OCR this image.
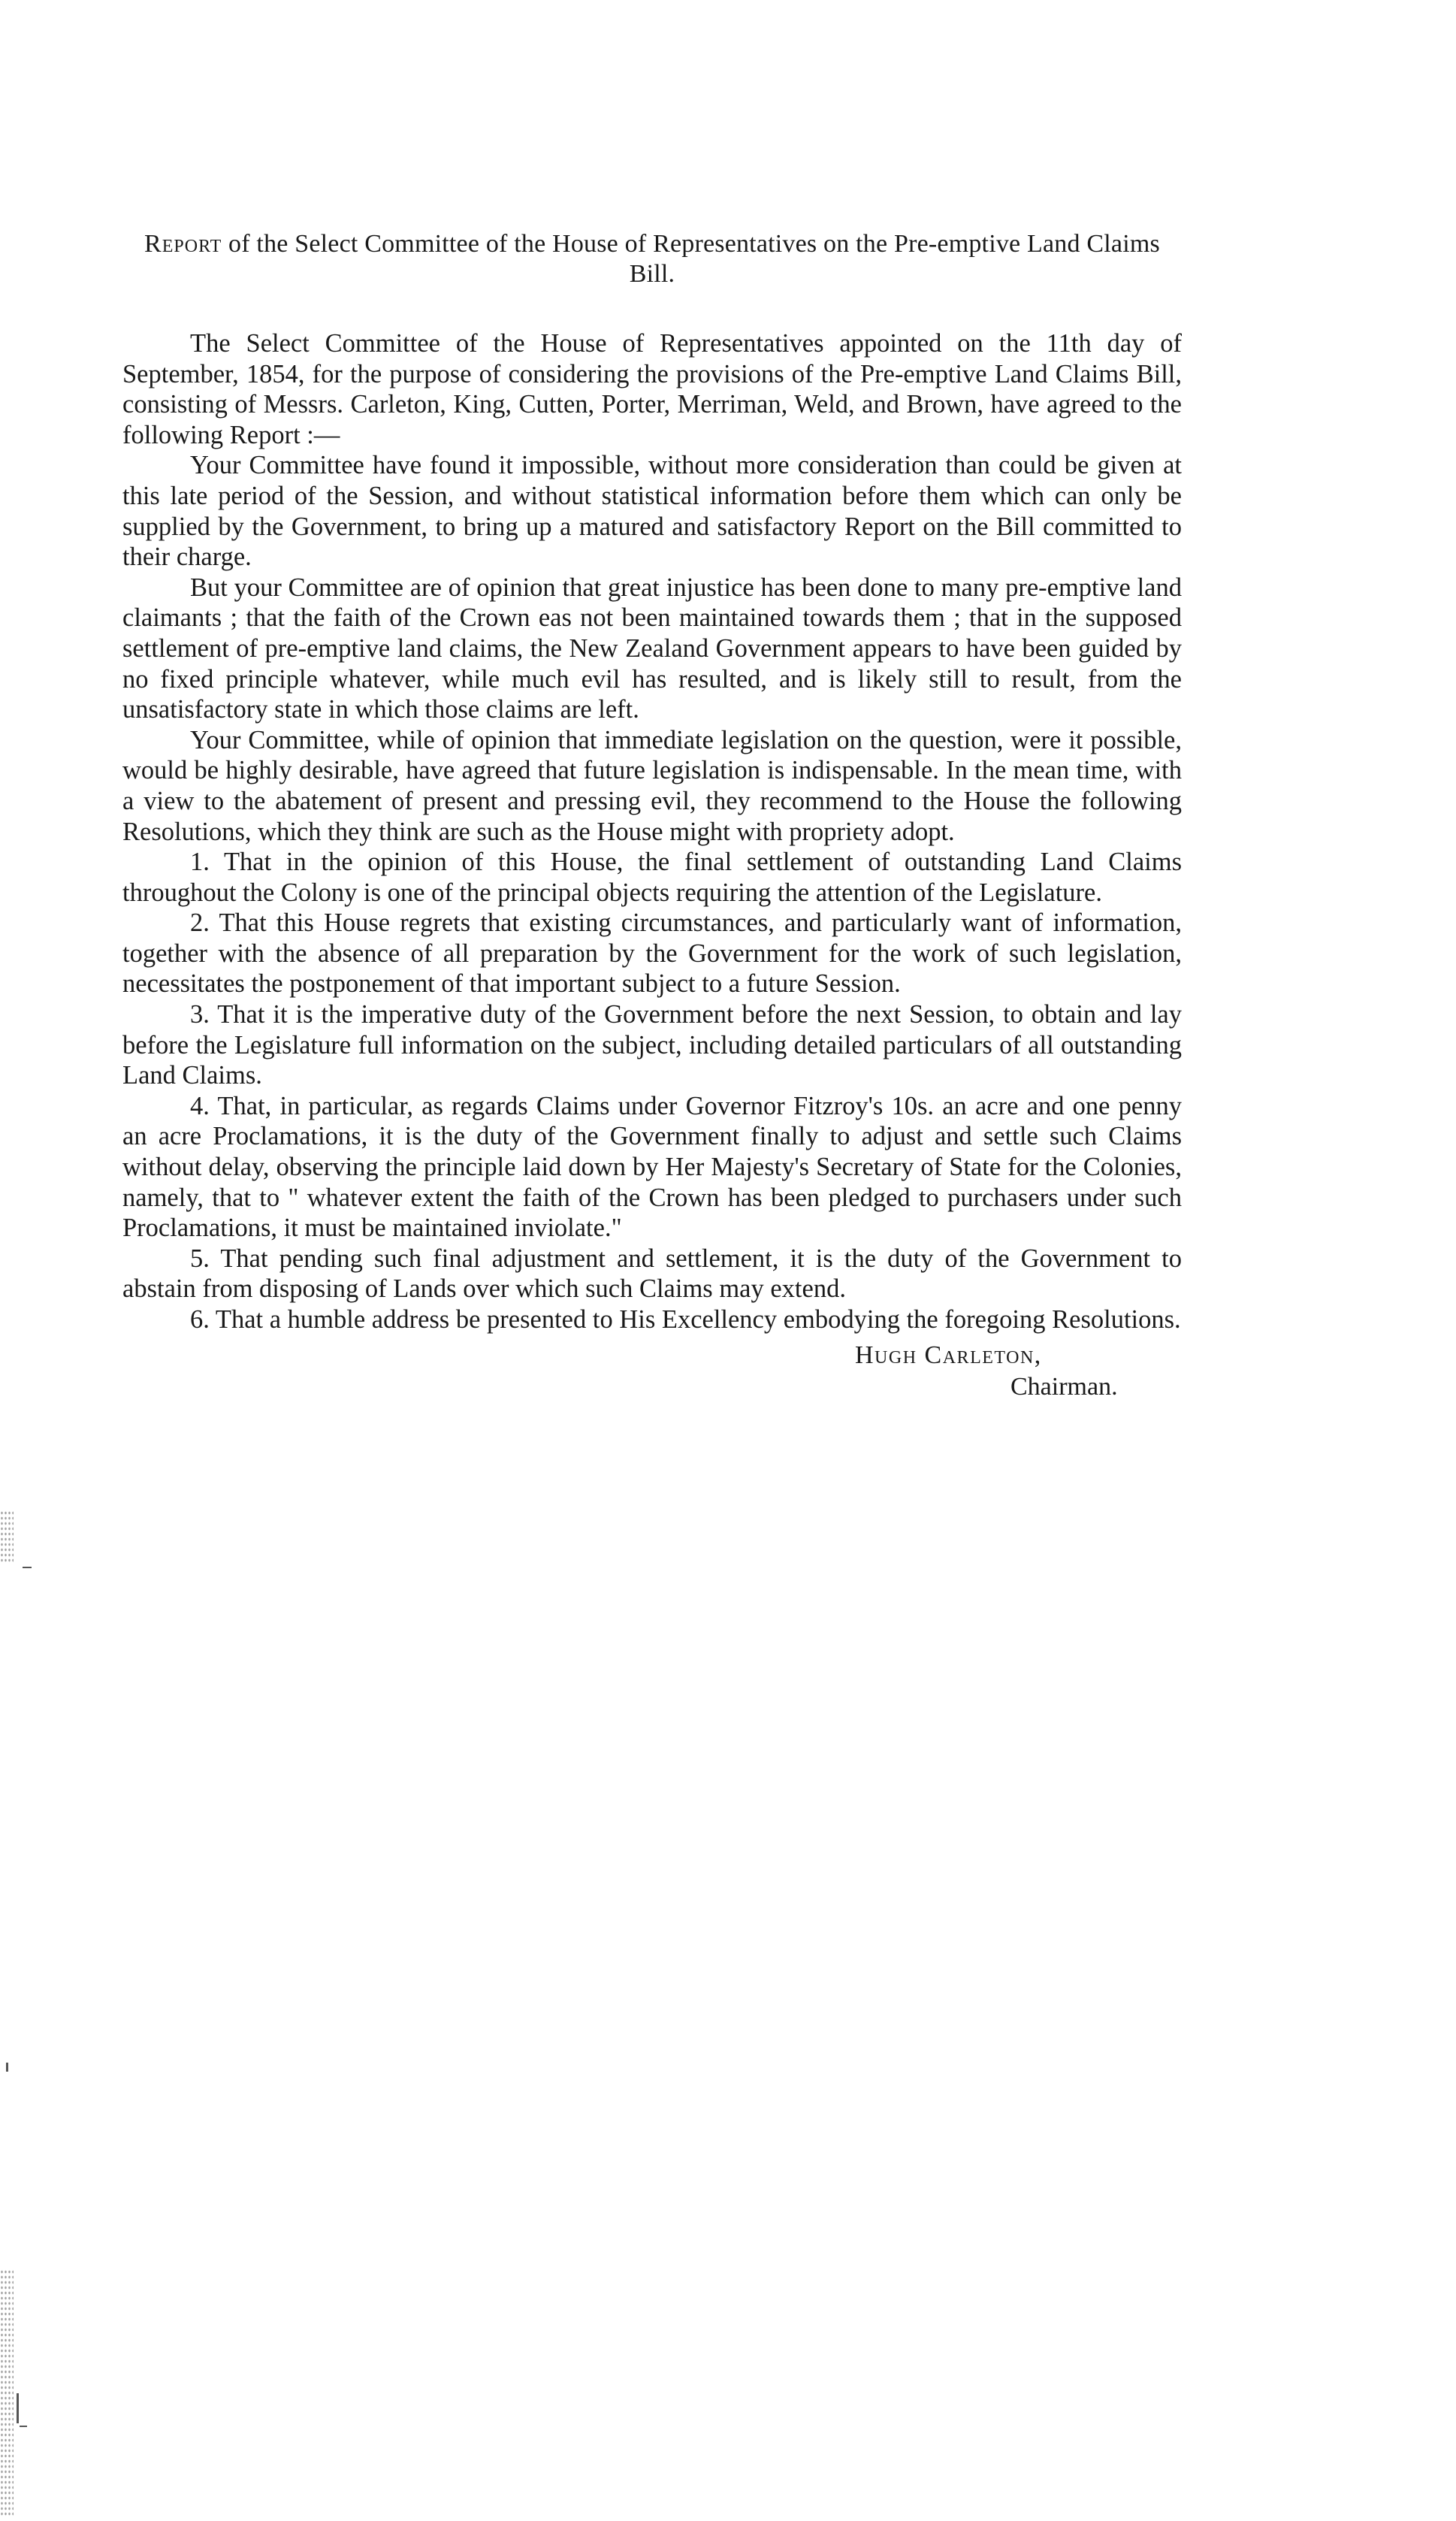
Report of the Select Committee of the House of Representatives on the Pre-emptive Land Claims Bill.

The Select Committee of the House of Representatives appointed on the 11th day of September, 1854, for the purpose of considering the provisions of the Pre-emptive Land Claims Bill, consisting of Messrs. Carleton, King, Cutten, Porter, Merriman, Weld, and Brown, have agreed to the following Report :—

Your Committee have found it impossible, without more consideration than could be given at this late period of the Session, and without statistical information before them which can only be supplied by the Government, to bring up a matured and satisfactory Report on the Bill committed to their charge.

But your Committee are of opinion that great injustice has been done to many pre-emptive land claimants ; that the faith of the Crown eas not been maintained towards them ; that in the supposed settlement of pre-emptive land claims, the New Zealand Government appears to have been guided by no fixed principle whatever, while much evil has resulted, and is likely still to result, from the unsatisfactory state in which those claims are left.

Your Committee, while of opinion that immediate legislation on the question, were it possible, would be highly desirable, have agreed that future legislation is indispensable. In the mean time, with a view to the abatement of present and pressing evil, they recommend to the House the following Resolutions, which they think are such as the House might with propriety adopt.

1. That in the opinion of this House, the final settlement of outstanding Land Claims throughout the Colony is one of the principal objects requiring the attention of the Legislature.

2. That this House regrets that existing circumstances, and particularly want of information, together with the absence of all preparation by the Government for the work of such legislation, necessitates the postponement of that important subject to a future Session.

3. That it is the imperative duty of the Government before the next Session, to obtain and lay before the Legislature full information on the subject, including detailed particulars of all outstanding Land Claims.

4. That, in particular, as regards Claims under Governor Fitzroy's 10s. an acre and one penny an acre Proclamations, it is the duty of the Government finally to adjust and settle such Claims without delay, observing the principle laid down by Her Majesty's Secretary of State for the Colonies, namely, that to " whatever extent the faith of the Crown has been pledged to purchasers under such Proclamations, it must be maintained inviolate."

5. That pending such final adjustment and settlement, it is the duty of the Government to abstain from disposing of Lands over which such Claims may extend.

6. That a humble address be presented to His Excellency embodying the foregoing Resolutions.

Hugh Carleton,
Chairman.
